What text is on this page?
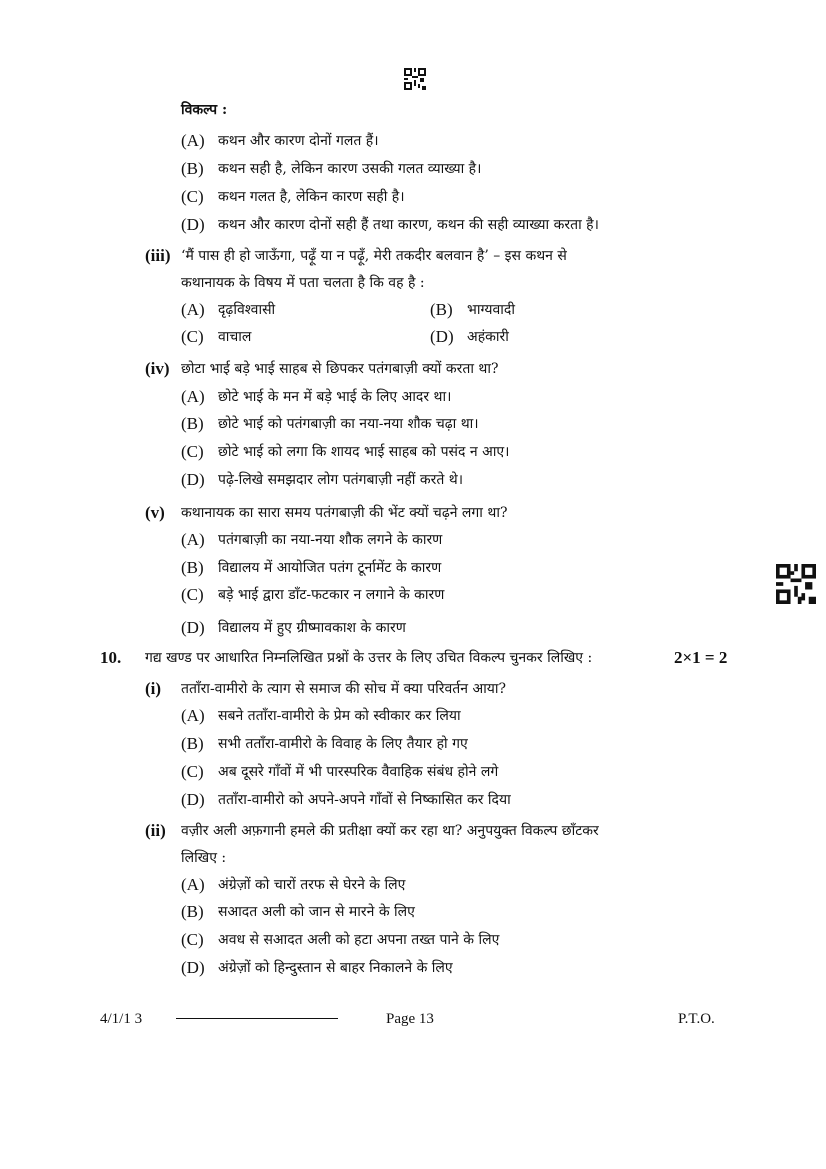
विकल्प :
10. गद्य खण्ड पर आधारित निम्नलिखित प्रश्नों के उत्तर के लिए उचित विकल्प चुनकर लिखिए :	2×1 = 2
4/1/1 3	Page 13	P.T.O.
(A) कथन और कारण दोनों गलत हैं।
(B) कथन सही है, लेकिन कारण उसकी गलत व्याख्या है।
(C) कथन गलत है, लेकिन कारण सही है।
(D) कथन और कारण दोनों सही हैं तथा कारण, कथन की सही व्याख्या करता है।
(iii) ‘मैं पास ही हो जाऊँगा, पढ़ूँ या न पढ़ूँ, मेरी तकदीर बलवान है’ – इस कथन से
कथानायक के विषय में पता चलता है कि वह है :
(A) दृढ़विश्वासी	(B) भाग्यवादी
(C) वाचाल	(D) अहंकारी
(iv) छोटा भाई बड़े भाई साहब से छिपकर पतंगबाज़ी क्यों करता था?
(A) छोटे भाई के मन में बड़े भाई के लिए आदर था।
(B) छोटे भाई को पतंगबाज़ी का नया-नया शौक चढ़ा था।
(C) छोटे भाई को लगा कि शायद भाई साहब को पसंद न आए।
(D) पढ़े-लिखे समझदार लोग पतंगबाज़ी नहीं करते थे।
(v) कथानायक का सारा समय पतंगबाज़ी की भेंट क्यों चढ़ने लगा था?
(A) पतंगबाज़ी का नया-नया शौक लगने के कारण
(B) विद्यालय में आयोजित पतंग टूर्नामेंट के कारण
(C) बड़े भाई द्वारा डाँट-फटकार न लगाने के कारण
(D) विद्यालय में हुए ग्रीष्मावकाश के कारण
(i) तताँरा-वामीरो के त्याग से समाज की सोच में क्या परिवर्तन आया?
(A) सबने तताँरा-वामीरो के प्रेम को स्वीकार कर लिया
(B) सभी तताँरा-वामीरो के विवाह के लिए तैयार हो गए
(C) अब दूसरे गाँवों में भी पारस्परिक वैवाहिक संबंध होने लगे
(D) तताँरा-वामीरो को अपने-अपने गाँवों से निष्कासित कर दिया
(ii) वज़ीर अली अफ़गानी हमले की प्रतीक्षा क्यों कर रहा था? अनुपयुक्त विकल्प छाँटकर
लिखिए :
(A) अंग्रेज़ों को चारों तरफ से घेरने के लिए
(B) सआदत अली को जान से मारने के लिए
(C) अवध से सआदत अली को हटा अपना तख्त पाने के लिए
(D) अंग्रेज़ों को हिन्दुस्तान से बाहर निकालने के लिए
